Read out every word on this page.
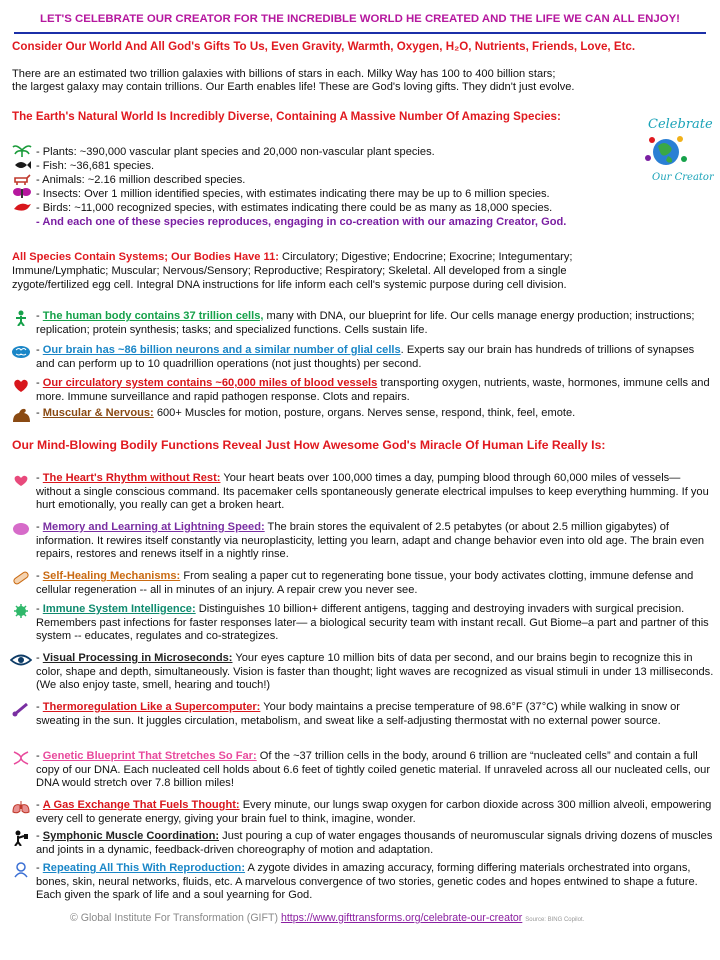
LET'S CELEBRATE OUR CREATOR FOR THE INCREDIBLE WORLD HE CREATED AND THE LIFE WE CAN ALL ENJOY!
Consider Our World And All God's Gifts To Us, Even Gravity, Warmth, Oxygen, H₂O, Nutrients, Friends, Love, Etc.
There are an estimated two trillion galaxies with billions of stars in each. Milky Way has 100 to 400 billion stars;
the largest galaxy may contain trillions. Our Earth enables life! These are God's loving gifts. They didn't just evolve.
The Earth's Natural World Is Incredibly Diverse, Containing A Massive Number Of Amazing Species:
Celebrate
Our Creator
- Plants: ~390,000 vascular plant species and 20,000 non-vascular plant species.
- Fish: ~36,681 species.
- Animals: ~2.16 million described species.
- Insects: Over 1 million identified species, with estimates indicating there may be up to 6 million species.
- Birds: ~11,000 recognized species, with estimates indicating there could be as many as 18,000 species.
- And each one of these species reproduces, engaging in co-creation with our amazing Creator, God.
All Species Contain Systems; Our Bodies Have 11: Circulatory; Digestive; Endocrine; Exocrine; Integumentary;
Immune/Lymphatic; Muscular; Nervous/Sensory; Reproductive; Respiratory; Skeletal. All developed from a single
zygote/fertilized egg cell. Integral DNA instructions for life inform each cell's systemic purpose during cell division.
- The human body contains 37 trillion cells, many with DNA, our blueprint for life. Our cells manage energy production; instructions; replication; protein synthesis; tasks; and specialized functions. Cells sustain life.
- Our brain has ~86 billion neurons and a similar number of glial cells. Experts say our brain has hundreds of trillions of synapses and can perform up to 10 quadrillion operations (not just thoughts) per second.
- Our circulatory system contains ~60,000 miles of blood vessels transporting oxygen, nutrients, waste, hormones, immune cells and more. Immune surveillance and rapid pathogen response. Clots and repairs.
- Muscular & Nervous: 600+ Muscles for motion, posture, organs. Nerves sense, respond, think, feel, emote.
Our Mind-Blowing Bodily Functions Reveal Just How Awesome God's Miracle Of Human Life Really Is:
- The Heart's Rhythm without Rest: Your heart beats over 100,000 times a day, pumping blood through 60,000 miles of vessels—without a single conscious command. Its pacemaker cells spontaneously generate electrical impulses to keep everything humming. If you hurt emotionally, you really can get a broken heart.
- Memory and Learning at Lightning Speed: The brain stores the equivalent of 2.5 petabytes (or about 2.5 million gigabytes) of information. It rewires itself constantly via neuroplasticity, letting you learn, adapt and change behavior even into old age. The brain even repairs, restores and renews itself in a nightly rinse.
- Self-Healing Mechanisms: From sealing a paper cut to regenerating bone tissue, your body activates clotting, immune defense and cellular regeneration -- all in minutes of an injury. A repair crew you never see.
- Immune System Intelligence: Distinguishes 10 billion+ different antigens, tagging and destroying invaders with surgical precision. Remembers past infections for faster responses later— a biological security team with instant recall. Gut Biome–a part and partner of this system -- educates, regulates and co-strategizes.
- Visual Processing in Microseconds: Your eyes capture 10 million bits of data per second, and our brains begin to recognize this in color, shape and depth, simultaneously. Vision is faster than thought; light waves are recognized as visual stimuli in under 13 milliseconds. (We also enjoy taste, smell, hearing and touch!)
- Thermoregulation Like a Supercomputer: Your body maintains a precise temperature of 98.6°F (37°C) while walking in snow or sweating in the sun. It juggles circulation, metabolism, and sweat like a self-adjusting thermostat with no external power source.
- Genetic Blueprint That Stretches So Far: Of the ~37 trillion cells in the body, around 6 trillion are “nucleated cells” and contain a full copy of our DNA. Each nucleated cell holds about 6.6 feet of tightly coiled genetic material. If unraveled across all our nucleated cells, our DNA would stretch over 7.8 billion miles!
- A Gas Exchange That Fuels Thought: Every minute, our lungs swap oxygen for carbon dioxide across 300 million alveoli, empowering every cell to generate energy, giving your brain fuel to think, imagine, wonder.
- Symphonic Muscle Coordination: Just pouring a cup of water engages thousands of neuromuscular signals driving dozens of muscles and joints in a dynamic, feedback-driven choreography of motion and adaptation.
- Repeating All This With Reproduction: A zygote divides in amazing accuracy, forming differing materials orchestrated into organs, bones, skin, neural networks, fluids, etc. A marvelous convergence of two stories, genetic codes and hopes entwined to shape a future. Each given the spark of life and a soul yearning for God.
© Global Institute For Transformation (GIFT) https://www.gifttransforms.org/celebrate-our-creator Source: BING Copilot.
